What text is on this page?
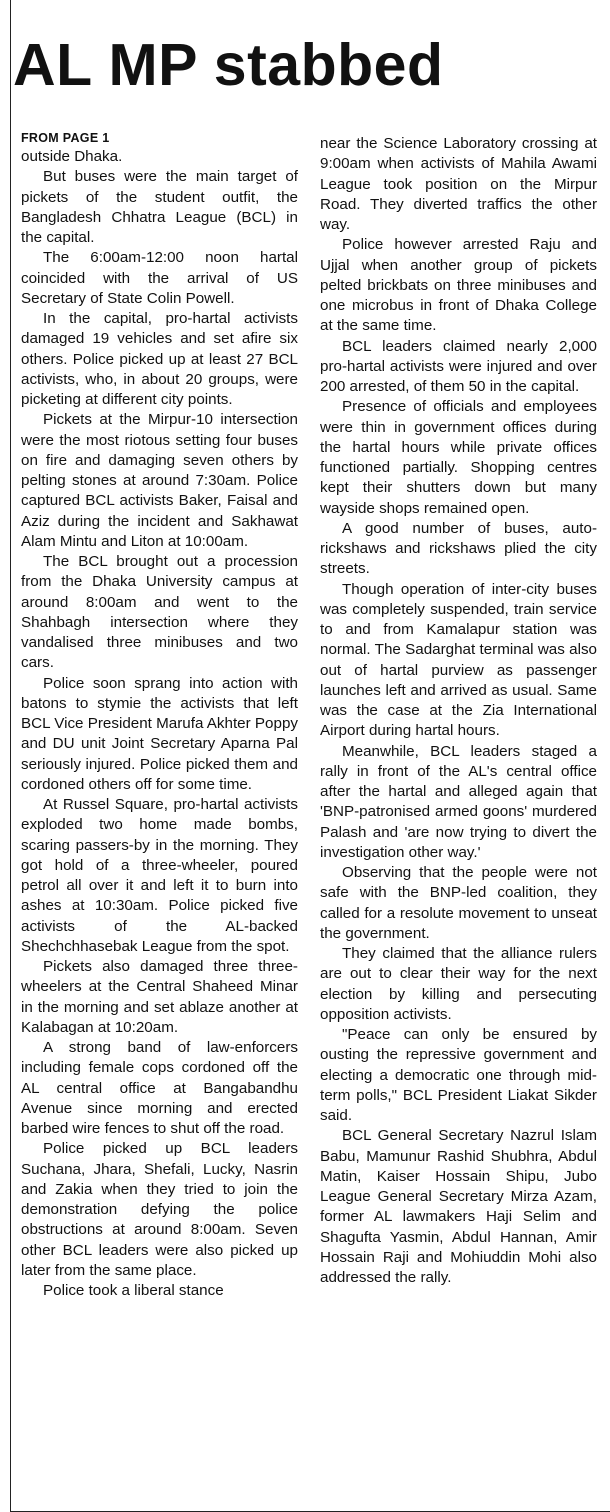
AL MP stabbed
FROM PAGE 1

outside Dhaka.

But buses were the main target of pickets of the student outfit, the Bangladesh Chhatra League (BCL) in the capital.

The 6:00am-12:00 noon hartal coincided with the arrival of US Secretary of State Colin Powell.

In the capital, pro-hartal activists damaged 19 vehicles and set afire six others. Police picked up at least 27 BCL activists, who, in about 20 groups, were picketing at different city points.

Pickets at the Mirpur-10 intersection were the most riotous setting four buses on fire and damaging seven others by pelting stones at around 7:30am. Police captured BCL activists Baker, Faisal and Aziz during the incident and Sakhawat Alam Mintu and Liton at 10:00am.

The BCL brought out a procession from the Dhaka University campus at around 8:00am and went to the Shahbagh intersection where they vandalised three minibuses and two cars.

Police soon sprang into action with batons to stymie the activists that left BCL Vice President Marufa Akhter Poppy and DU unit Joint Secretary Aparna Pal seriously injured. Police picked them and cordoned others off for some time.

At Russel Square, pro-hartal activists exploded two home made bombs, scaring passers-by in the morning. They got hold of a three-wheeler, poured petrol all over it and left it to burn into ashes at 10:30am. Police picked five activists of the AL-backed Shechchhasebak League from the spot.

Pickets also damaged three three-wheelers at the Central Shaheed Minar in the morning and set ablaze another at Kalabagan at 10:20am.

A strong band of law-enforcers including female cops cordoned off the AL central office at Bangabandhu Avenue since morning and erected barbed wire fences to shut off the road.

Police picked up BCL leaders Suchana, Jhara, Shefali, Lucky, Nasrin and Zakia when they tried to join the demonstration defying the police obstructions at around 8:00am. Seven other BCL leaders were also picked up later from the same place.

Police took a liberal stance

near the Science Laboratory crossing at 9:00am when activists of Mahila Awami League took position on the Mirpur Road. They diverted traffics the other way.

Police however arrested Raju and Ujjal when another group of pickets pelted brickbats on three minibuses and one microbus in front of Dhaka College at the same time.

BCL leaders claimed nearly 2,000 pro-hartal activists were injured and over 200 arrested, of them 50 in the capital.

Presence of officials and employees were thin in government offices during the hartal hours while private offices functioned partially. Shopping centres kept their shutters down but many wayside shops remained open.

A good number of buses, auto-rickshaws and rickshaws plied the city streets.

Though operation of inter-city buses was completely suspended, train service to and from Kamalapur station was normal. The Sadarghat terminal was also out of hartal purview as passenger launches left and arrived as usual. Same was the case at the Zia International Airport during hartal hours.

Meanwhile, BCL leaders staged a rally in front of the AL's central office after the hartal and alleged again that 'BNP-patronised armed goons' murdered Palash and 'are now trying to divert the investigation other way.'

Observing that the people were not safe with the BNP-led coalition, they called for a resolute movement to unseat the government.

They claimed that the alliance rulers are out to clear their way for the next election by killing and persecuting opposition activists.

"Peace can only be ensured by ousting the repressive government and electing a democratic one through mid-term polls," BCL President Liakat Sikder said.

BCL General Secretary Nazrul Islam Babu, Mamunur Rashid Shubhra, Abdul Matin, Kaiser Hossain Shipu, Jubo League General Secretary Mirza Azam, former AL lawmakers Haji Selim and Shagufta Yasmin, Abdul Hannan, Amir Hossain Raji and Mohiuddin Mohi also addressed the rally.
